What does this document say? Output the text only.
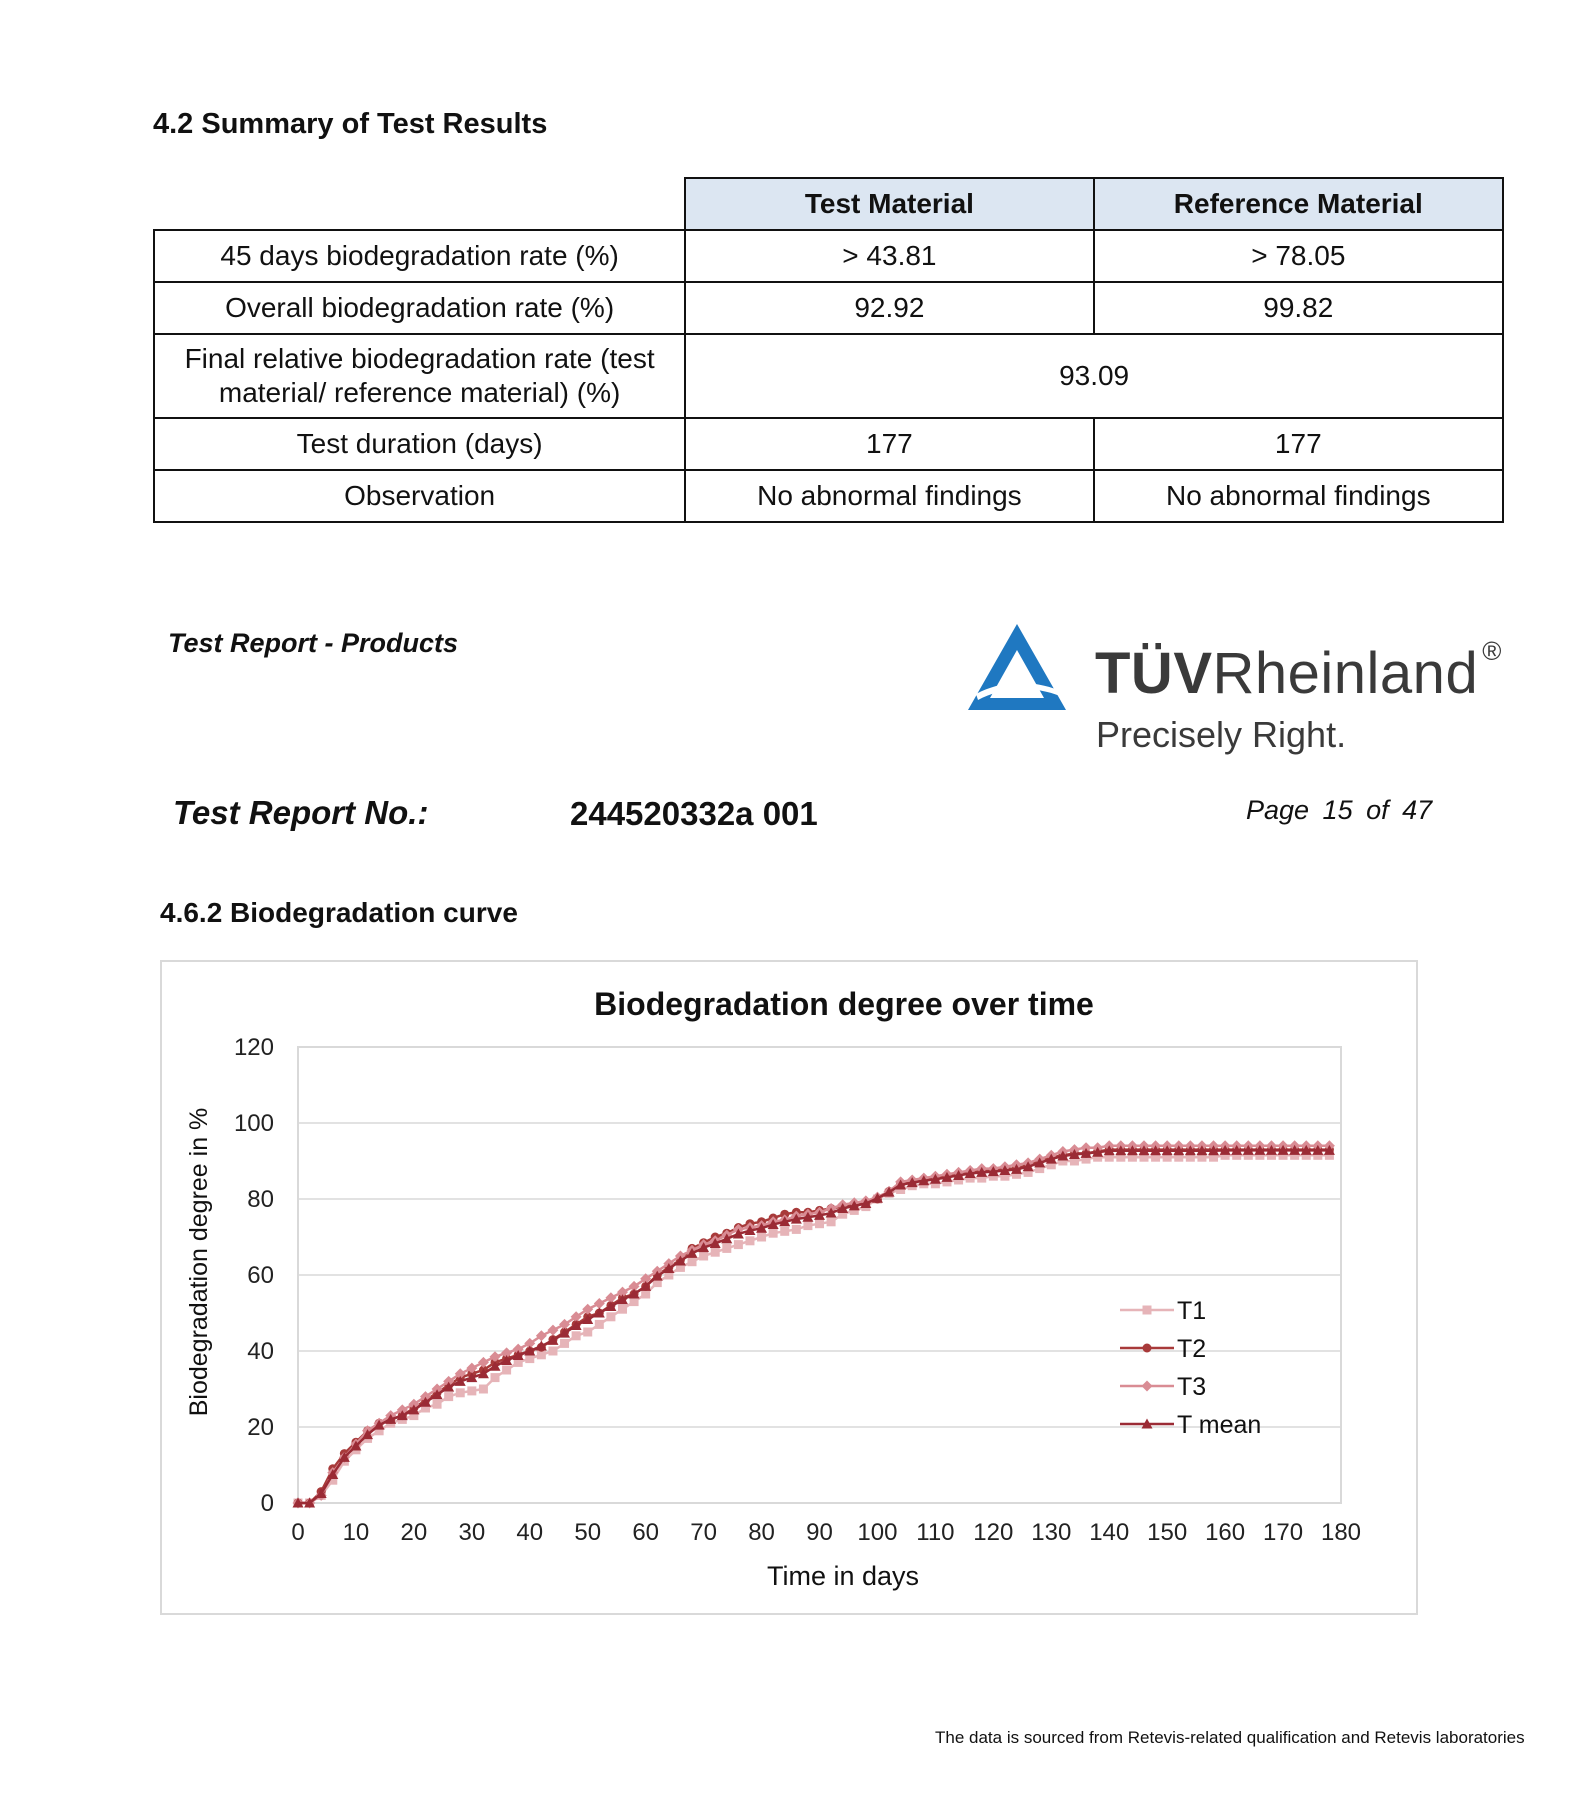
4.2 Summary of Test Results
	Test Material	Reference Material
45 days biodegradation rate (%)	> 43.81	> 78.05
Overall biodegradation rate (%)	92.92	99.82
Final relative biodegradation rate (test
material/ reference material) (%)	93.09	
Test duration (days)	177	177
Observation	No abnormal findings	No abnormal findings
Test Report - Products	TÜVRheinland ®
Precisely Right.
Test Report No.:	244520332a 001	Page 15 of 47
4.6.2 Biodegradation curve
Biodegradation degree over time
0
20
40
60
80
100
120
0 10 20 30 40 50 60 70 80 90 100 110 120 130 140 150 160 170 180
T1
T2
T3
T mean
Time in days
Biodegradation degree in %
The data is sourced from Retevis-related qualification and Retevis laboratories
